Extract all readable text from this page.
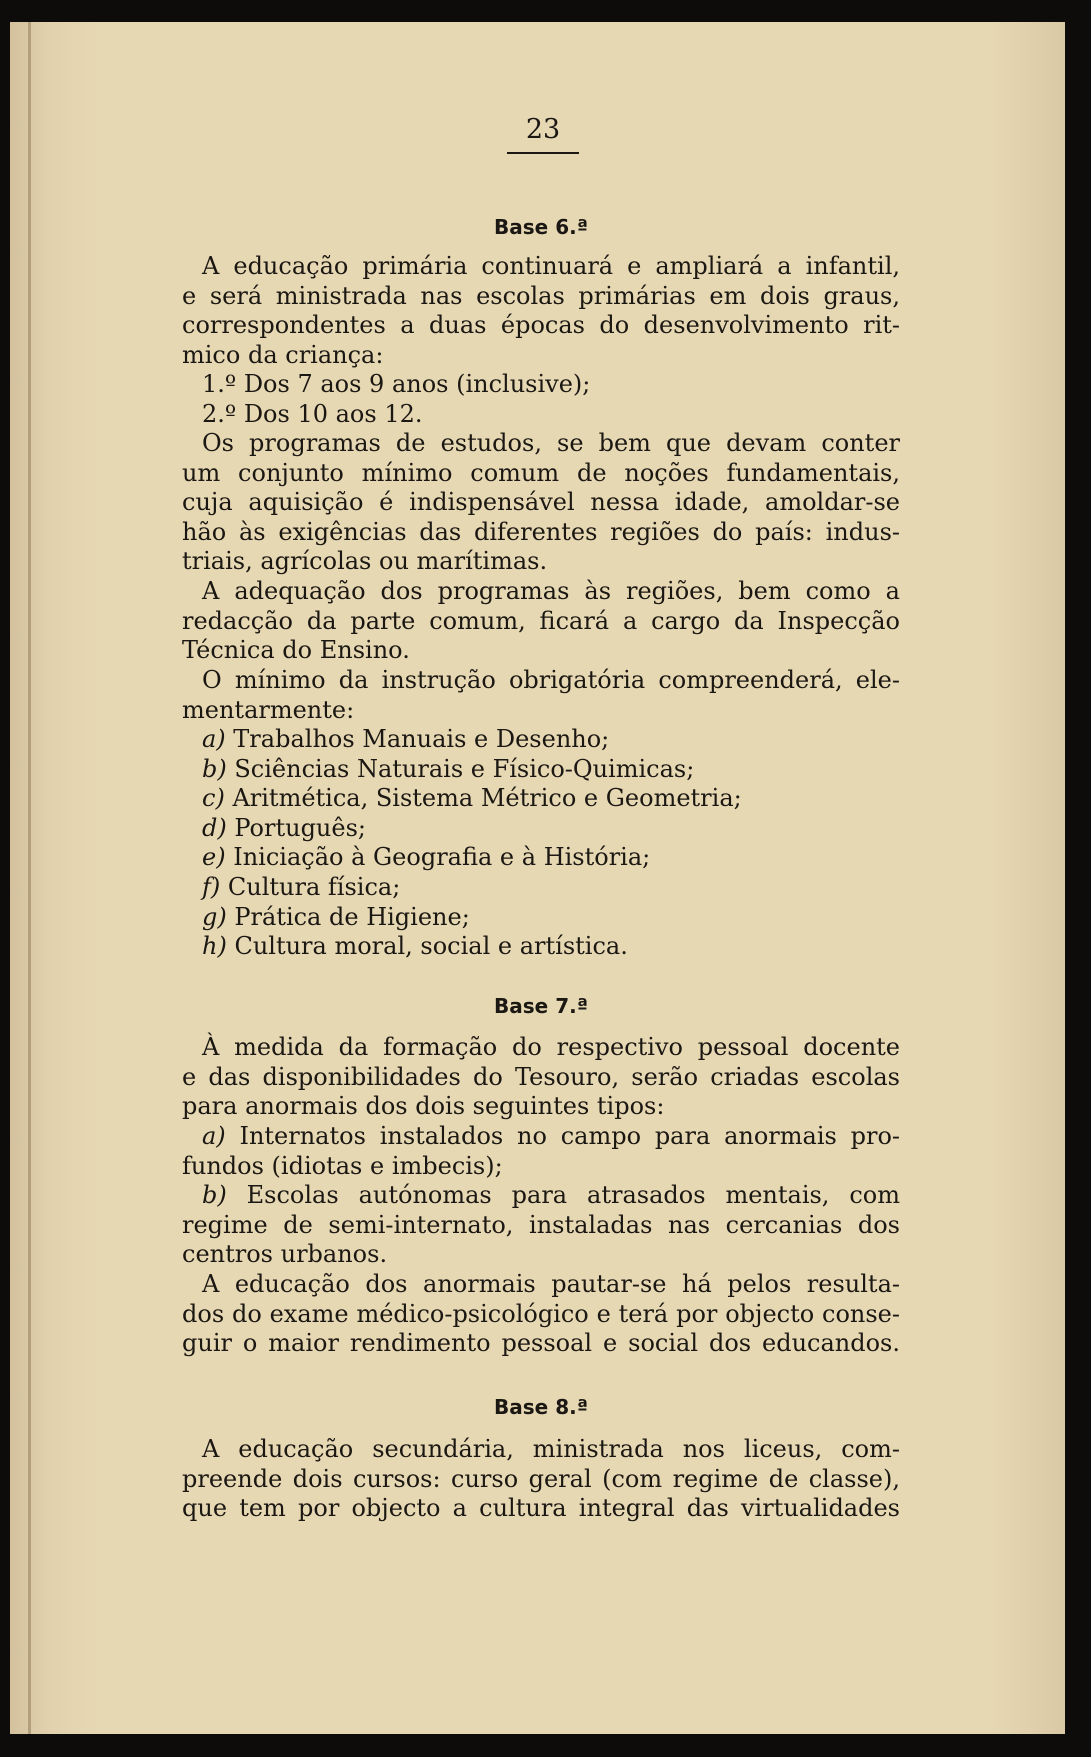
23
Base 6.ª
A educação primária continuará e ampliará a infantil,
e será ministrada nas escolas primárias em dois graus,
correspondentes a duas épocas do desenvolvimento rit-
mico da criança:
1.º Dos 7 aos 9 anos (inclusive);
2.º Dos 10 aos 12.
Os programas de estudos, se bem que devam conter
um conjunto mínimo comum de noções fundamentais,
cuja aquisição é indispensável nessa idade, amoldar-se
hão às exigências das diferentes regiões do país: indus-
triais, agrícolas ou marítimas.
A adequação dos programas às regiões, bem como a
redacção da parte comum, ficará a cargo da Inspecção
Técnica do Ensino.
O mínimo da instrução obrigatória compreenderá, ele-
mentarmente:
a) Trabalhos Manuais e Desenho;
b) Sciências Naturais e Físico-Quimicas;
c) Aritmética, Sistema Métrico e Geometria;
d) Português;
e) Iniciação à Geografia e à História;
f) Cultura física;
g) Prática de Higiene;
h) Cultura moral, social e artística.
Base 7.ª
À medida da formação do respectivo pessoal docente
e das disponibilidades do Tesouro, serão criadas escolas
para anormais dos dois seguintes tipos:
a) Internatos instalados no campo para anormais pro-
fundos (idiotas e imbecis);
b) Escolas autónomas para atrasados mentais, com
regime de semi-internato, instaladas nas cercanias dos
centros urbanos.
A educação dos anormais pautar-se há pelos resulta-
dos do exame médico-psicológico e terá por objecto conse-
guir o maior rendimento pessoal e social dos educandos.
Base 8.ª
A educação secundária, ministrada nos liceus, com-
preende dois cursos: curso geral (com regime de classe),
que tem por objecto a cultura integral das virtualidades
